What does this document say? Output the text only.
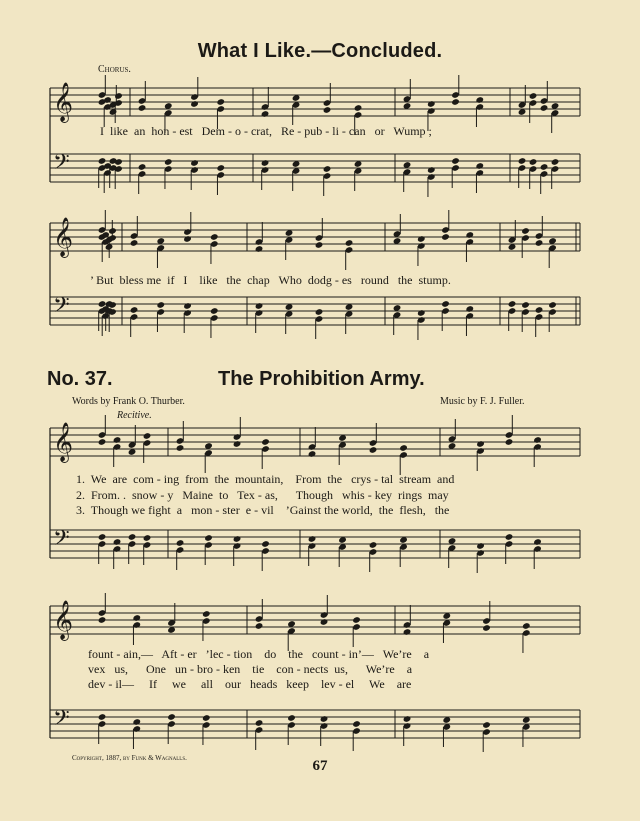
What I Like.—Concluded.
Chorus.
𝄞
𝄢
𝄞
𝄢
𝄞
𝄢
𝄞
𝄢
I  like  an  hon - est   Dem - o - crat,   Re - pub - li - can   or   Wump ;
’ But  bless me  if   I    like   the  chap   Who  dodg - es   round   the  stump.
No. 37.	The Prohibition Army.
Words by Frank O. Thurber.	Music by F. J. Fuller.
Recitive.
1.  We  are  com - ing  from  the  mountain,    From  the   crys - tal  stream  and
2.  From. .  snow - y   Maine  to   Tex - as,      Though   whis - key  rings  may
3.  Though we fight  a   mon - ster  e - vil    ’Gainst the world,  the  flesh,   the
fount - ain,—   Aft - er   ’lec - tion    do    the   count - in’—   We’re    a
vex   us,      One   un - bro - ken    tie    con - nects  us,      We’re    a
dev - il—     If     we     all    our   heads   keep    lev - el     We    are
Copyright, 1887, by Funk & Wagnalls.	67
